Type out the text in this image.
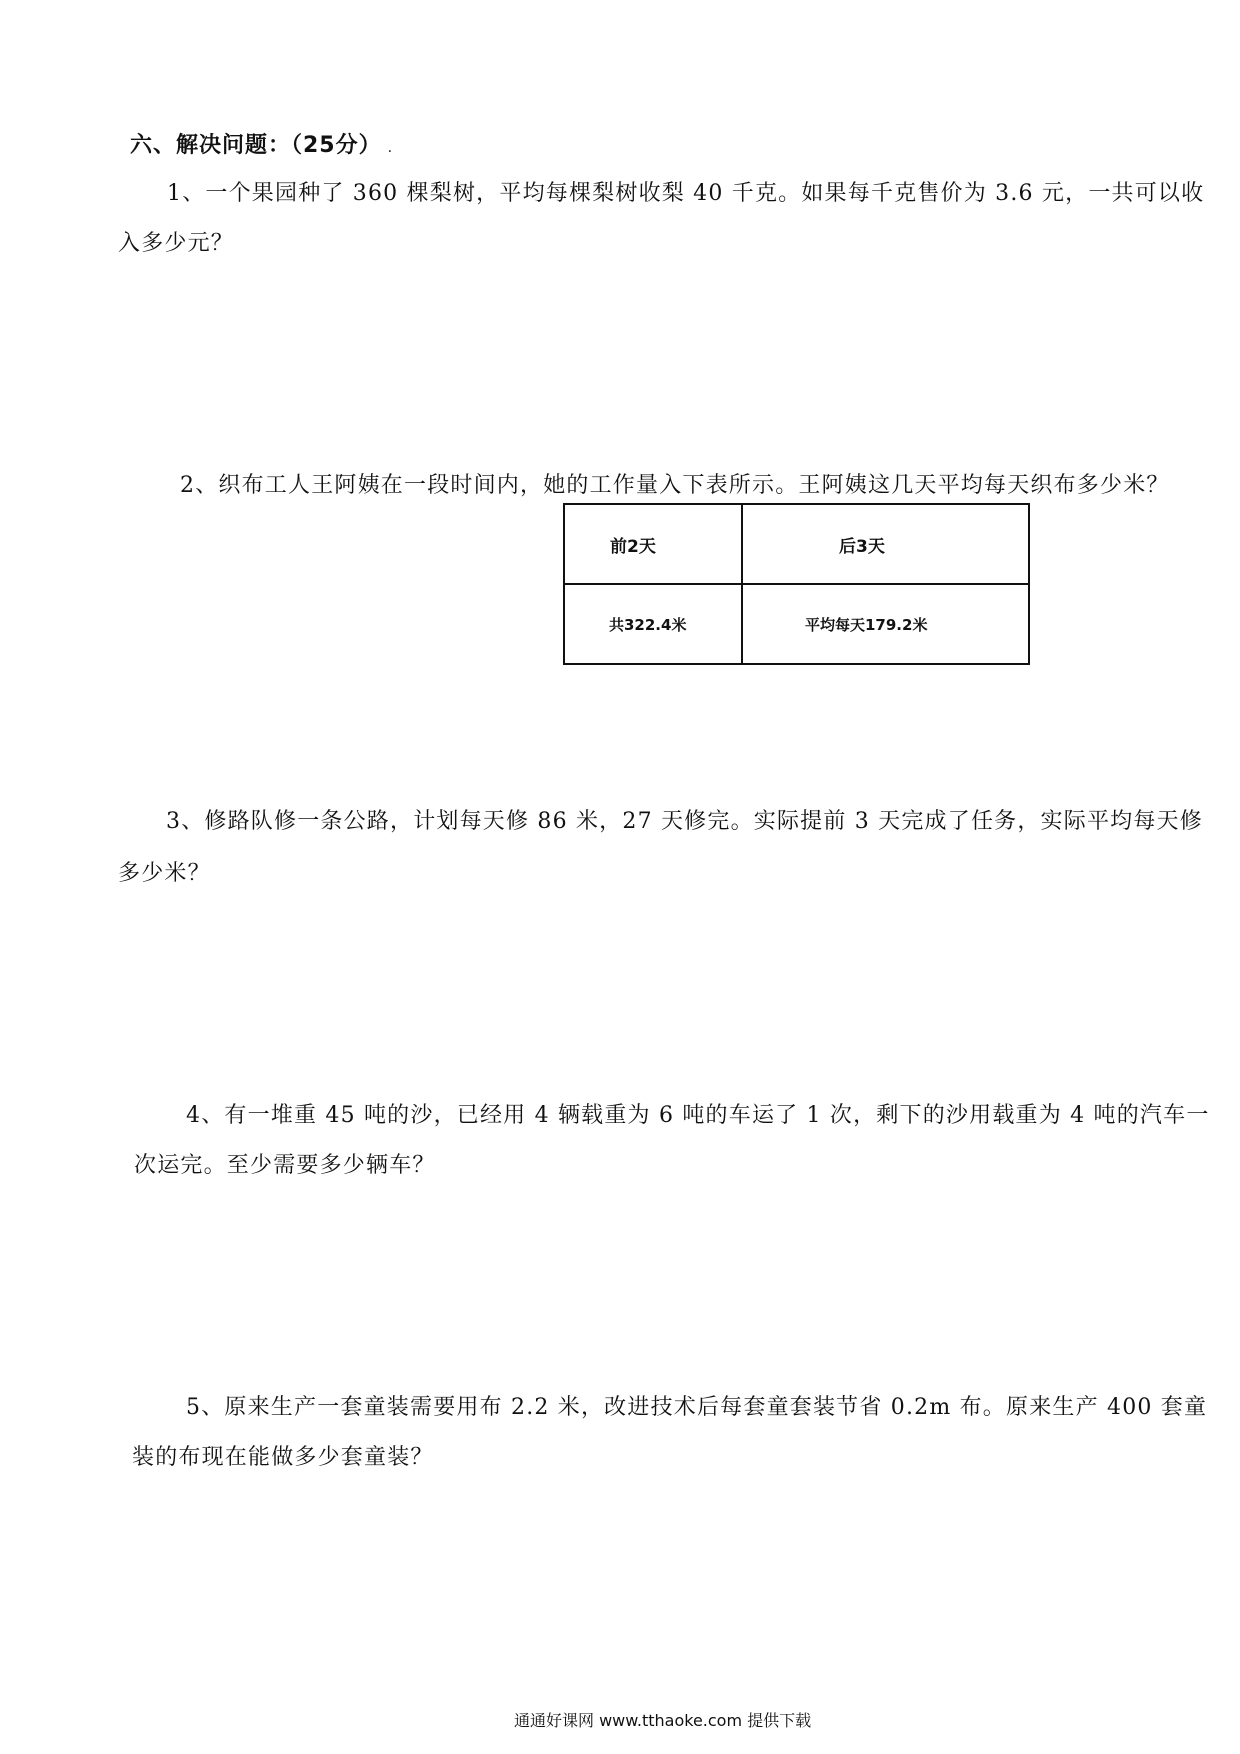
六、解决问题：（25分） .
1、一个果园种了 360 棵梨树，平均每棵梨树收梨 40 千克。如果每千克售价为 3.6 元，一共可以收
入多少元？
2、织布工人王阿姨在一段时间内，她的工作量入下表所示。王阿姨这几天平均每天织布多少米？
前2天	后3天
共322.4米	平均每天179.2米
3、修路队修一条公路，计划每天修 86 米，27 天修完。实际提前 3 天完成了任务，实际平均每天修
多少米？
4、有一堆重 45 吨的沙，已经用 4 辆载重为 6 吨的车运了 1 次，剩下的沙用载重为 4 吨的汽车一
次运完。至少需要多少辆车？
5、原来生产一套童装需要用布 2.2 米，改进技术后每套童套装节省 0.2m 布。原来生产 400 套童
装的布现在能做多少套童装？
通通好课网 www.tthaoke.com 提供下载
